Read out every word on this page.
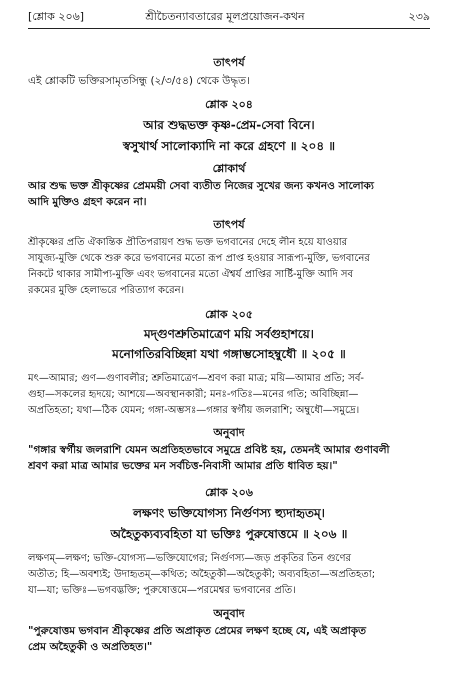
[শ্লোক ২০৬]	শ্রীচৈতন্যাবতারের মূলপ্রয়োজন-কথন	২৩৯
তাৎপর্য
এই শ্লোকটি ভক্তিরসামৃতসিন্ধু (২/৩/৫৪) থেকে উদ্ধৃত।
শ্লোক ২০৪
আর শুদ্ধভক্ত কৃষ্ণ-প্রেম-সেবা বিনে।
স্বসুখার্থ সালোক্যাদি না করে গ্রহণে ॥ ২০৪ ॥
শ্লোকার্থ
আর শুদ্ধ ভক্ত শ্রীকৃষ্ণের প্রেমময়ী সেবা ব্যতীত নিজের সুখের জন্য কখনও সালোক্য
আদি মুক্তিও গ্রহণ করেন না।
তাৎপর্য
শ্রীকৃষ্ণের প্রতি ঐকান্তিক প্রীতিপরায়ণ শুদ্ধ ভক্ত ভগবানের দেহে লীন হয়ে যাওয়ার
সাযুজ্য-মুক্তি থেকে শুরু করে ভগবানের মতো রূপ প্রাপ্ত হওয়ার সারূপ্য-মুক্তি, ভগবানের
নিকটে থাকার সামীপ্য-মুক্তি এবং ভগবানের মতো ঐশ্বর্য প্রাপ্তির সার্ষ্টি-মুক্তি আদি সব
রকমের মুক্তি হেলাভরে পরিত্যাগ করেন।
শ্লোক ২০৫
মদ্গুণশ্রুতিমাত্রেণ ময়ি সর্বগুহাশয়ে।
মনোগতিরবিচ্ছিন্না যথা গঙ্গাম্ভসোহম্বুধৌ ॥ ২০৫ ॥
মৎ—আমার; গুণ—গুণাবলীর; শ্রুতিমাত্রেণ—শ্রবণ করা মাত্র; ময়ি—আমার প্রতি; সর্ব-
গুহা—সকলের হৃদয়ে; আশয়ে—অবস্থানকারী; মনঃ-গতিঃ—মনের গতি; অবিচ্ছিন্না—
অপ্রতিহতা; যথা—ঠিক যেমন; গঙ্গা-অম্ভসঃ—গঙ্গার স্বর্গীয় জলরাশি; অম্বুধৌ—সমুদ্রে।
অনুবাদ
"গঙ্গার স্বর্গীয় জলরাশি যেমন অপ্রতিহতভাবে সমুদ্রে প্রবিষ্ট হয়, তেমনই আমার গুণাবলী
শ্রবণ করা মাত্র আমার ভক্তের মন সর্বচিত্ত-নিবাসী আমার প্রতি ধাবিত হয়।"
শ্লোক ২০৬
লক্ষণং ভক্তিযোগস্য নির্গুণস্য হ্যুদাহৃতম্।
অহৈতুক্যব্যবহিতা যা ভক্তিঃ পুরুষোত্তমে ॥ ২০৬ ॥
লক্ষণম্—লক্ষণ; ভক্তি-যোগস্য—ভক্তিযোগের; নির্গুণস্য—জড় প্রকৃতির তিন গুণের
অতীত; হি—অবশ্যই; উদাহৃতম্—কথিত; অহৈতুকী—অহৈতুকী; অব্যবহিতা—অপ্রতিহতা;
যা—যা; ভক্তিঃ—ভগবদ্ভক্তি; পুরুষোত্তমে—পরমেশ্বর ভগবানের প্রতি।
অনুবাদ
"পুরুষোত্তম ভগবান শ্রীকৃষ্ণের প্রতি অপ্রাকৃত প্রেমের লক্ষণ হচ্ছে যে, এই অপ্রাকৃত
প্রেম অহৈতুকী ও অপ্রতিহত।"
